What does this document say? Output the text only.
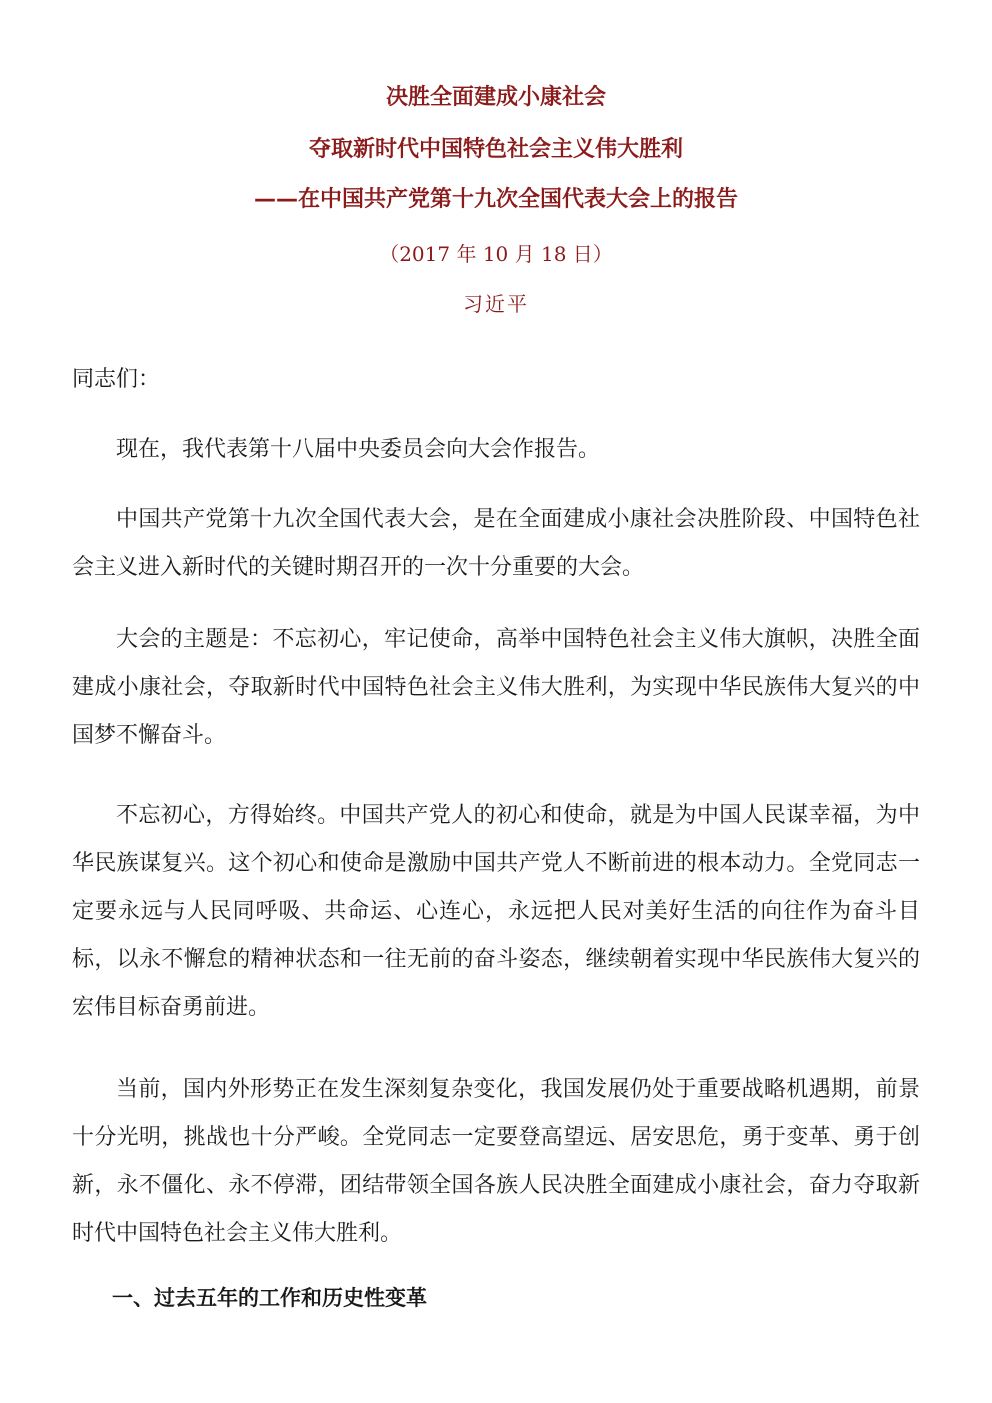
决胜全面建成小康社会
夺取新时代中国特色社会主义伟大胜利
——在中国共产党第十九次全国代表大会上的报告

（2017 年 10 月 18 日）

习近平

同志们：

现在，我代表第十八届中央委员会向大会作报告。

中国共产党第十九次全国代表大会，是在全面建成小康社会决胜阶段、中国特色社会主义进入新时代的关键时期召开的一次十分重要的大会。

大会的主题是：不忘初心，牢记使命，高举中国特色社会主义伟大旗帜，决胜全面建成小康社会，夺取新时代中国特色社会主义伟大胜利，为实现中华民族伟大复兴的中国梦不懈奋斗。

不忘初心，方得始终。中国共产党人的初心和使命，就是为中国人民谋幸福，为中华民族谋复兴。这个初心和使命是激励中国共产党人不断前进的根本动力。全党同志一定要永远与人民同呼吸、共命运、心连心，永远把人民对美好生活的向往作为奋斗目标，以永不懈怠的精神状态和一往无前的奋斗姿态，继续朝着实现中华民族伟大复兴的宏伟目标奋勇前进。

当前，国内外形势正在发生深刻复杂变化，我国发展仍处于重要战略机遇期，前景十分光明，挑战也十分严峻。全党同志一定要登高望远、居安思危，勇于变革、勇于创新，永不僵化、永不停滞，团结带领全国各族人民决胜全面建成小康社会，奋力夺取新时代中国特色社会主义伟大胜利。

一、过去五年的工作和历史性变革
